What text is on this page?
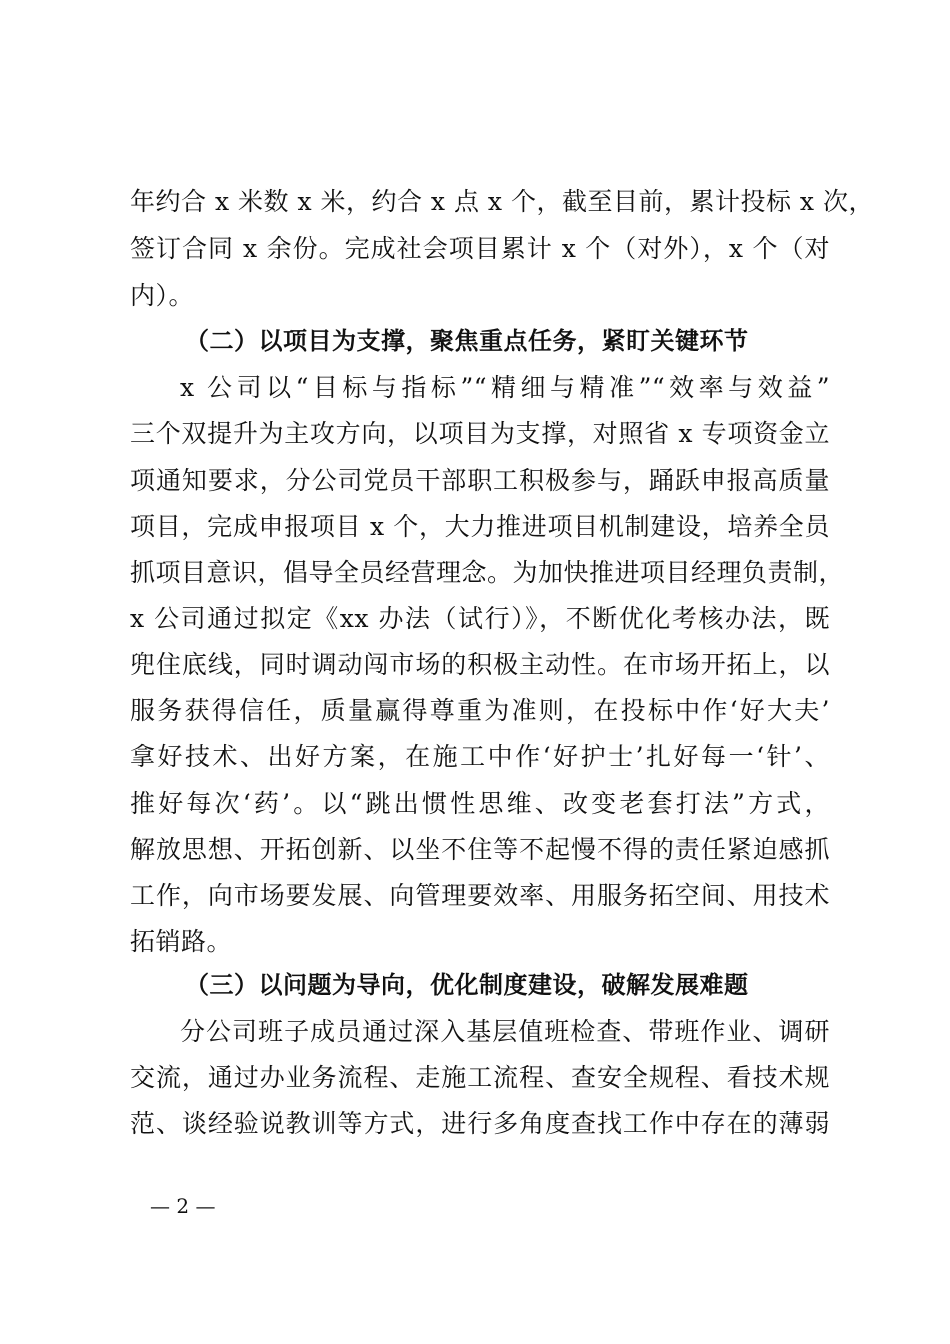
年约合 x 米数 x 米，约合 x 点 x 个，截至目前，累计投标 x 次，
签订合同 x 余份。完成社会项目累计 x 个（对外），x 个（对
内）。
（二）以项目为支撑，聚焦重点任务，紧盯关键环节
x 公司以“目标与指标”“精细与精准”“效率与效益”
三个双提升为主攻方向，以项目为支撑，对照省 x 专项资金立
项通知要求，分公司党员干部职工积极参与，踊跃申报高质量
项目，完成申报项目 x 个，大力推进项目机制建设，培养全员
抓项目意识，倡导全员经营理念。为加快推进项目经理负责制，
x 公司通过拟定《xx 办法（试行）》，不断优化考核办法，既
兜住底线，同时调动闯市场的积极主动性。在市场开拓上，以
服务获得信任，质量赢得尊重为准则，在投标中作‘好大夫’
拿好技术、出好方案，在施工中作‘好护士’扎好每一‘针’、
推好每次‘药’。以“跳出惯性思维、改变老套打法”方式，
解放思想、开拓创新、以坐不住等不起慢不得的责任紧迫感抓
工作，向市场要发展、向管理要效率、用服务拓空间、用技术
拓销路。
（三）以问题为导向，优化制度建设，破解发展难题
分公司班子成员通过深入基层值班检查、带班作业、调研
交流，通过办业务流程、走施工流程、查安全规程、看技术规
范、谈经验说教训等方式，进行多角度查找工作中存在的薄弱
— 2 —
